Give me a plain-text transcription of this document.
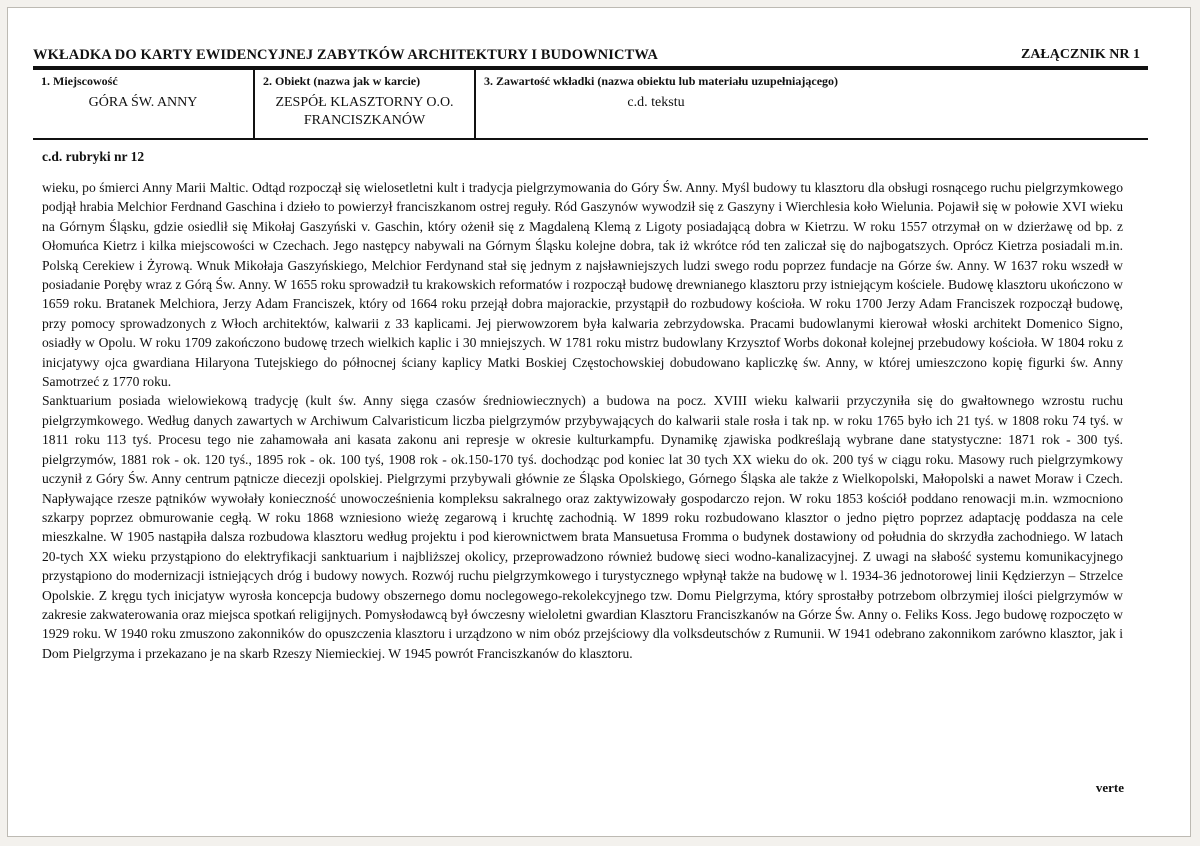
WKŁADKA DO KARTY EWIDENCYJNEJ ZABYTKÓW ARCHITEKTURY I BUDOWNICTWA	ZAŁĄCZNIK NR 1
1. Miejscowość
GÓRA ŚW. ANNY
2. Obiekt (nazwa jak w karcie)
ZESPÓŁ KLASZTORNY O.O. FRANCISZKANÓW
3. Zawartość wkładki (nazwa obiektu lub materiału uzupełniającego)
c.d. tekstu
c.d. rubryki nr 12

wieku, po śmierci Anny Marii Maltic. Odtąd rozpoczął się wielosetletni kult i tradycja pielgrzymowania do Góry Św. Anny. Myśl budowy tu klasztoru dla obsługi rosnącego ruchu pielgrzymkowego podjął hrabia Melchior Ferdnand Gaschina i dzieło to powierzył franciszkanom ostrej reguły. Ród Gaszynów wywodził się z Gaszyny i Wierchlesia koło Wielunia. Pojawił się w połowie XVI wieku na Górnym Śląsku, gdzie osiedlił się Mikołaj Gaszyński v. Gaschin, który ożenił się z Magdaleną Klemą z Ligoty posiadającą dobra w Kietrzu. W roku 1557 otrzymał on w dzierżawę od bp. z Ołomuńca Kietrz i kilka miejscowości w Czechach. Jego następcy nabywali na Górnym Śląsku kolejne dobra, tak iż wkrótce ród ten zaliczał się do najbogatszych. Oprócz Kietrza posiadali m.in. Polską Cerekiew i Żyrową. Wnuk Mikołaja Gaszyńskiego, Melchior Ferdynand stał się jednym z najsławniejszych ludzi swego rodu poprzez fundacje na Górze św. Anny. W 1637 roku wszedł w posiadanie Poręby wraz z Górą Św. Anny. W 1655 roku sprowadził tu krakowskich reformatów i rozpoczął budowę drewnianego klasztoru przy istniejącym kościele. Budowę klasztoru ukończono w 1659 roku. Bratanek Melchiora, Jerzy Adam Franciszek, który od 1664 roku przejął dobra majorackie, przystąpił do rozbudowy kościoła. W roku 1700 Jerzy Adam Franciszek rozpoczął budowę, przy pomocy sprowadzonych z Włoch architektów, kalwarii z 33 kaplicami. Jej pierwowzorem była kalwaria zebrzydowska. Pracami budowlanymi kierował włoski architekt Domenico Signo, osiadły w Opolu. W roku 1709 zakończono budowę trzech wielkich kaplic i 30 mniejszych. W 1781 roku mistrz budowlany Krzysztof Worbs dokonał kolejnej przebudowy kościoła. W 1804 roku z inicjatywy ojca gwardiana Hilaryona Tutejskiego do północnej ściany kaplicy Matki Boskiej Częstochowskiej dobudowano kapliczkę św. Anny, w której umieszczono kopię figurki św. Anny Samotrzeć z 1770 roku.

Sanktuarium posiada wielowiekową tradycję (kult św. Anny sięga czasów średniowiecznych) a budowa na pocz. XVIII wieku kalwarii przyczyniła się do gwałtownego wzrostu ruchu pielgrzymkowego. Według danych zawartych w Archiwum Calvaristicum liczba pielgrzymów przybywających do kalwarii stale rosła i tak np. w roku 1765 było ich 21 tyś. w 1808 roku 74 tyś. w 1811 roku 113 tyś. Procesu tego nie zahamowała ani kasata zakonu ani represje w okresie kulturkampfu. Dynamikę zjawiska podkreślają wybrane dane statystyczne: 1871 rok - 300 tyś. pielgrzymów, 1881 rok - ok. 120 tyś., 1895 rok - ok. 100 tyś, 1908 rok - ok.150-170 tyś. dochodząc pod koniec lat 30 tych XX wieku do ok. 200 tyś w ciągu roku. Masowy ruch pielgrzymkowy uczynił z Góry Św. Anny centrum pątnicze diecezji opolskiej. Pielgrzymi przybywali głównie ze Śląska Opolskiego, Górnego Śląska ale także z Wielkopolski, Małopolski a nawet Moraw i Czech. Napływające rzesze pątników wywołały konieczność unowocześnienia kompleksu sakralnego oraz zaktywizowały gospodarczo rejon. W roku 1853 kościół poddano renowacji m.in. wzmocniono szkarpy poprzez obmurowanie cegłą. W roku 1868 wzniesiono wieżę zegarową i kruchtę zachodnią. W 1899 roku rozbudowano klasztor o jedno piętro poprzez adaptację poddasza na cele mieszkalne. W 1905 nastąpiła dalsza rozbudowa klasztoru według projektu i pod kierownictwem brata Mansuetusa Fromma o budynek dostawiony od południa do skrzydła zachodniego. W latach 20-tych XX wieku przystąpiono do elektryfikacji sanktuarium i najbliższej okolicy, przeprowadzono również budowę sieci wodno-kanalizacyjnej. Z uwagi na słabość systemu komunikacyjnego przystąpiono do modernizacji istniejących dróg i budowy nowych. Rozwój ruchu pielgrzymkowego i turystycznego wpłynął także na budowę w l. 1934-36 jednotorowej linii Kędzierzyn – Strzelce Opolskie. Z kręgu tych inicjatyw wyrosła koncepcja budowy obszernego domu noclegowego-rekolekcyjnego tzw. Domu Pielgrzyma, który sprostałby potrzebom olbrzymiej ilości pielgrzymów w zakresie zakwaterowania oraz miejsca spotkań religijnych. Pomysłodawcą był ówczesny wieloletni gwardian Klasztoru Franciszkanów na Górze Św. Anny o. Feliks Koss. Jego budowę rozpoczęto w 1929 roku. W 1940 roku zmuszono zakonników do opuszczenia klasztoru i urządzono w nim obóz przejściowy dla volksdeutschów z Rumunii. W 1941 odebrano zakonnikom zarówno klasztor, jak i Dom Pielgrzyma i przekazano je na skarb Rzeszy Niemieckiej. W 1945 powrót Franciszkanów do klasztoru.

verte
